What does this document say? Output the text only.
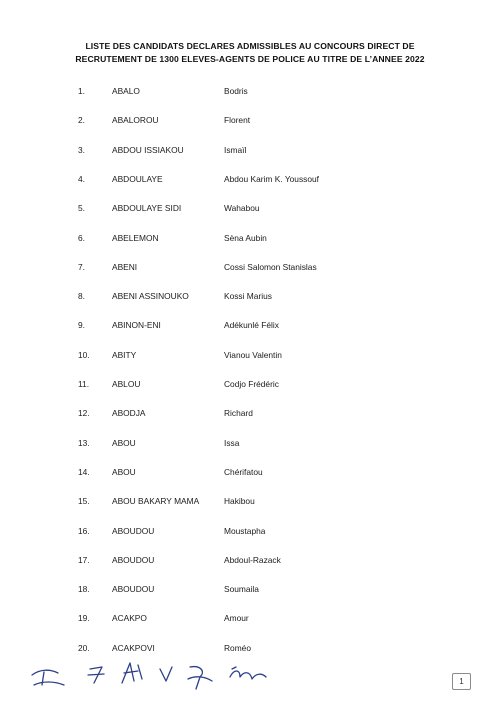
LISTE DES CANDIDATS DECLARES ADMISSIBLES AU CONCOURS DIRECT DE
RECRUTEMENT DE 1300 ELEVES-AGENTS DE POLICE AU TITRE DE L’ANNEE 2022
1.	ABALO	Bodris
2.	ABALOROU	Florent
3.	ABDOU ISSIAKOU	Ismaïl
4.	ABDOULAYE	Abdou Karim K. Youssouf
5.	ABDOULAYE SIDI	Wahabou
6.	ABELEMON	Sèna Aubin
7.	ABENI	Cossi Salomon Stanislas
8.	ABENI ASSINOUKO	Kossi Marius
9.	ABINON-ENI	Adékunlé Félix
10.	ABITY	Vianou Valentin
11.	ABLOU	Codjo Frédéric
12.	ABODJA	Richard
13.	ABOU	Issa
14.	ABOU	Chérifatou
15.	ABOU BAKARY MAMA	Hakibou
16.	ABOUDOU	Moustapha
17.	ABOUDOU	Abdoul-Razack
18.	ABOUDOU	Soumaila
19.	ACAKPO	Amour
20.	ACAKPOVI	Roméo
1
